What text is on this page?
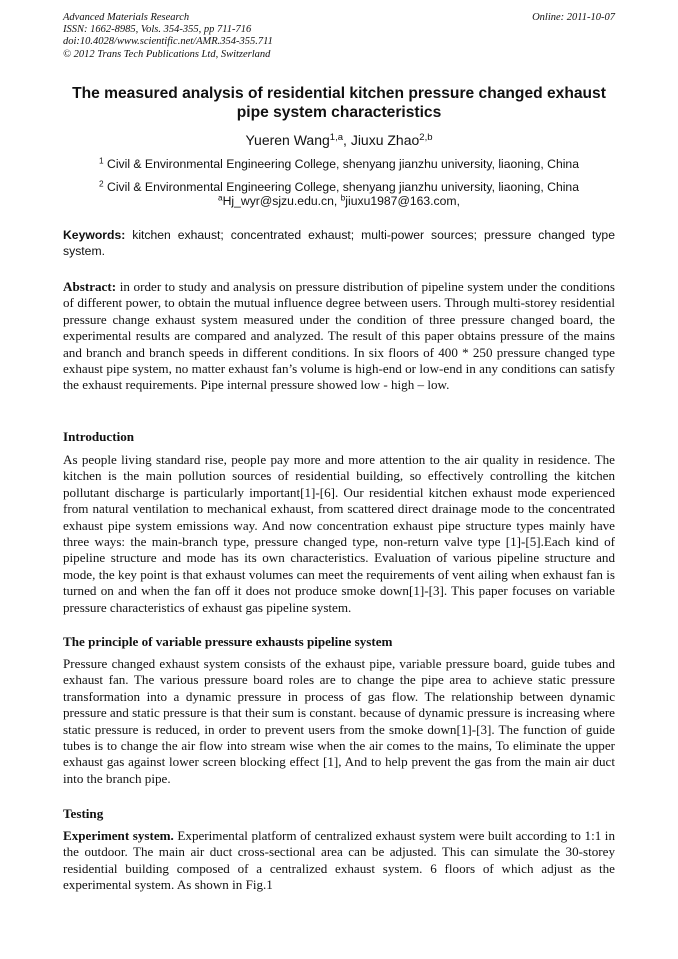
Advanced Materials Research
ISSN: 1662-8985, Vols. 354-355, pp 711-716
doi:10.4028/www.scientific.net/AMR.354-355.711
© 2012 Trans Tech Publications Ltd, Switzerland
Online: 2011-10-07
The measured analysis of residential kitchen pressure changed exhaust pipe system characteristics
Yueren Wang$^{1,a}$, Jiuxu Zhao$^{2,b}$
$^1$ Civil & Environmental Engineering College, shenyang jianzhu university, liaoning, China
$^2$ Civil & Environmental Engineering College, shenyang jianzhu university, liaoning, China
$^a$Hj_wyr@sjzu.edu.cn, $^b$jiuxu1987@163.com,
Keywords: kitchen exhaust; concentrated exhaust; multi-power sources; pressure changed type system.
Abstract: in order to study and analysis on pressure distribution of pipeline system under the conditions of different power, to obtain the mutual influence degree between users. Through multi-storey residential pressure change exhaust system measured under the condition of three pressure changed board, the experimental results are compared and analyzed. The result of this paper obtains pressure of the mains and branch and branch speeds in different conditions. In six floors of 400 * 250 pressure changed type exhaust pipe system, no matter exhaust fan’s volume is high-end or low-end in any conditions can satisfy the exhaust requirements. Pipe internal pressure showed low - high – low.
Introduction
As people living standard rise, people pay more and more attention to the air quality in residence. The kitchen is the main pollution sources of residential building, so effectively controlling the kitchen pollutant discharge is particularly important[1]-[6]. Our residential kitchen exhaust mode experienced from natural ventilation to mechanical exhaust, from scattered direct drainage mode to the concentrated exhaust pipe system emissions way. And now concentration exhaust pipe structure types mainly have three ways: the main-branch type, pressure changed type, non-return valve type [1]-[5].Each kind of pipeline structure and mode has its own characteristics. Evaluation of various pipeline structure and mode, the key point is that exhaust volumes can meet the requirements of vent ailing when exhaust fan is turned on and when the fan off it does not produce smoke down[1]-[3]. This paper focuses on variable pressure characteristics of exhaust gas pipeline system.
The principle of variable pressure exhausts pipeline system
Pressure changed exhaust system consists of the exhaust pipe, variable pressure board, guide tubes and exhaust fan. The various pressure board roles are to change the pipe area to achieve static pressure transformation into a dynamic pressure in process of gas flow. The relationship between dynamic pressure and static pressure is that their sum is constant. because of dynamic pressure is increasing where static pressure is reduced, in order to prevent users from the smoke down[1]-[3]. The function of guide tubes is to change the air flow into stream wise when the air comes to the mains, To eliminate the upper exhaust gas against lower screen blocking effect [1], And to help prevent the gas from the main air duct into the branch pipe.
Testing
Experiment system. Experimental platform of centralized exhaust system were built according to 1:1 in the outdoor. The main air duct cross-sectional area can be adjusted. This can simulate the 30-storey residential building composed of a centralized exhaust system. 6 floors of which adjust as the experimental system. As shown in Fig.1
